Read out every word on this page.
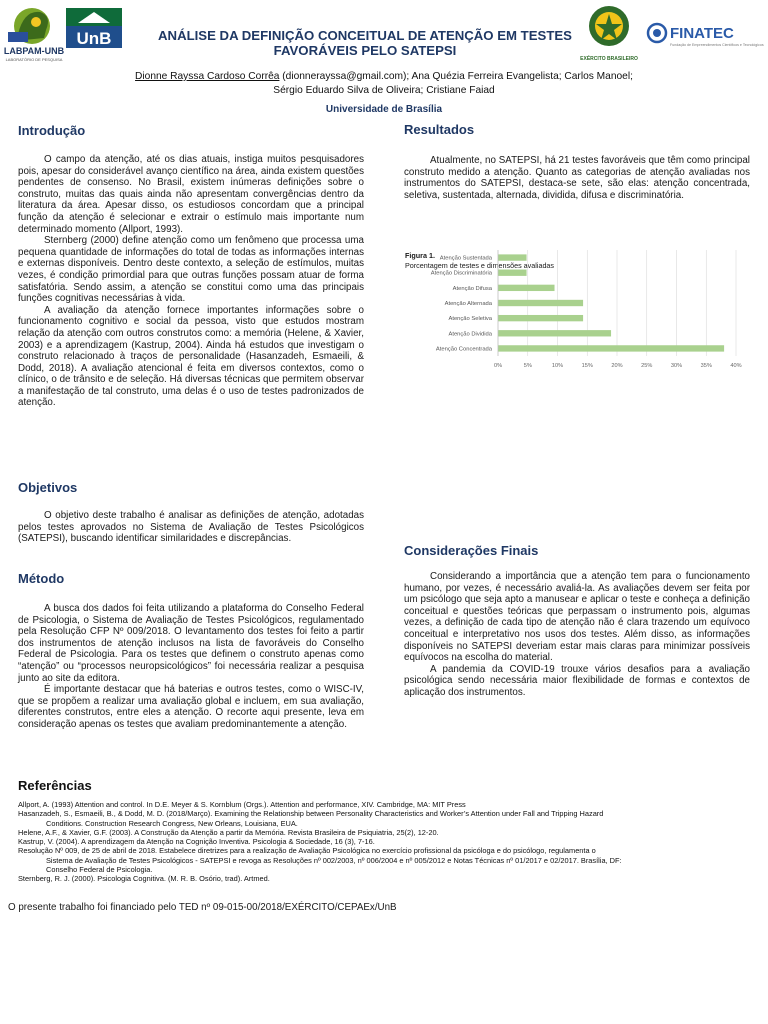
LABPAM-UNB
LABORATÓRIO DE PESQUISA
UnB	ANÁLISE DA DEFINIÇÃO CONCEITUAL DE ATENÇÃO EM TESTES FAVORÁVEIS PELO SATEPSI
EXÉRCITO BRASILEIRO
FINATEC
Fundação de Empreendimentos Científicos e Tecnológicos
Dionne Rayssa Cardoso Corrêa (dionnerayssa@gmail.com); Ana Quézia Ferreira Evangelista; Carlos Manoel;
Sérgio Eduardo Silva de Oliveira; Cristiane Faiad
Universidade de Brasília
Introdução

O campo da atenção, até os dias atuais, instiga muitos pesquisadores pois, apesar do considerável avanço científico na área, ainda existem questões pendentes de consenso. No Brasil, existem inúmeras definições sobre o construto, muitas das quais ainda não apresentam convergências dentro da literatura da área. Apesar disso, os estudiosos concordam que a principal função da atenção é selecionar e extrair o estímulo mais importante num determinado momento (Allport, 1993).

Sternberg (2000) define atenção como um fenômeno que processa uma pequena quantidade de informações do total de todas as informações internas e externas disponíveis. Dentro deste contexto, a seleção de estímulos, muitas vezes, é condição primordial para que outras funções possam atuar de forma satisfatória. Sendo assim, a atenção se constitui como uma das principais funções cognitivas necessárias à vida.

A avaliação da atenção fornece importantes informações sobre o funcionamento cognitivo e social da pessoa, visto que estudos mostram relação da atenção com outros construtos como: a memória (Helene, & Xavier, 2003) e a aprendizagem (Kastrup, 2004). Ainda há estudos que investigam o construto relacionado à traços de personalidade (Hasanzadeh, Esmaeili, & Dodd, 2018). A avaliação atencional é feita em diversos contextos, como o clínico, o de trânsito e de seleção. Há diversas técnicas que permitem observar a manifestação de tal construto, uma delas é o uso de testes padronizados de atenção.

Objetivos

O objetivo deste trabalho é analisar as definições de atenção, adotadas pelos testes aprovados no Sistema de Avaliação de Testes Psicológicos (SATEPSI), buscando identificar similaridades e discrepâncias.

Método

A busca dos dados foi feita utilizando a plataforma do Conselho Federal de Psicologia, o Sistema de Avaliação de Testes Psicológicos, regulamentado pela Resolução CFP Nº 009/2018. O levantamento dos testes foi feito a partir dos instrumentos de atenção inclusos na lista de favoráveis do Conselho Federal de Psicologia. Para os testes que definem o construto apenas como “atenção” ou “processos neuropsicológicos” foi necessária realizar a pesquisa junto ao site da editora.

É importante destacar que há baterias e outros testes, como o WISC-IV, que se propõem a realizar uma avaliação global e incluem, em sua avaliação, diferentes construtos, entre eles a atenção. O recorte aqui presente, leva em consideração apenas os testes que avaliam predominantemente a atenção.

Resultados

Atualmente, no SATEPSI, há 21 testes favoráveis que têm como principal construto medido a atenção. Quanto as categorias de atenção avaliadas nos instrumentos do SATEPSI, destaca-se sete, são elas: atenção concentrada, seletiva, sustentada, alternada, dividida, difusa e discriminatória.

Figura 1.
Porcentagem de testes e dimensões avaliadas
0%	5%	10%	15%	20%	25%	30%	35%	40%
Atenção Sustentada
Atenção Discriminatória
Atenção Difusa
Atenção Alternada
Atenção Seletiva
Atenção Dividida
Atenção Concentrada
Considerações Finais

Considerando a importância que a atenção tem para o funcionamento humano, por vezes, é necessário avaliá-la. As avaliações devem ser feita por um psicólogo que seja apto a manusear e aplicar o teste e conheça a definição conceitual e questões teóricas que perpassam o instrumento pois, algumas vezes, a definição de cada tipo de atenção não é clara trazendo um equívoco conceitual e interpretativo nos usos dos testes. Além disso, as informações disponíveis no SATEPSI deveriam estar mais claras para minimizar possíveis equívocos na escolha do material.

A pandemia da COVID-19 trouxe vários desafios para a avaliação psicológica sendo necessária maior flexibilidade de formas e contextos de aplicação dos instrumentos.

Referências
Allport, A. (1993) Attention and control. In D.E. Meyer & S. Kornblum (Orgs.). Attention and performance, XIV. Cambridge, MA: MIT Press
Hasanzadeh, S., Esmaeili, B., & Dodd, M. D. (2018/Março). Examining the Relationship between Personality Characteristics and Worker’s Attention under Fall and Tripping Hazard
Conditions. Construction Research Congress, New Orleans, Louisiana, EUA.
Helene, A.F., & Xavier, G.F. (2003). A Construção da Atenção a partir da Memória. Revista Brasileira de Psiquiatria, 25(2), 12-20.
Kastrup, V. (2004). A aprendizagem da Atenção na Cognição Inventiva. Psicologia & Sociedade, 16 (3), 7-16.
Resolução Nº 009, de 25 de abril de 2018. Estabelece diretrizes para a realização de Avaliação Psicológica no exercício profissional da psicóloga e do psicólogo, regulamenta o
Sistema de Avaliação de Testes Psicológicos - SATEPSI e revoga as Resoluções nº 002/2003, nº 006/2004 e nº 005/2012 e Notas Técnicas nº 01/2017 e 02/2017. Brasília, DF:
Conselho Federal de Psicologia.
Sternberg, R. J. (2000). Psicologia Cognitiva. (M. R. B. Osório, trad). Artmed.
O presente trabalho foi financiado pelo TED nº 09-015-00/2018/EXÉRCITO/CEPAEx/UnB
